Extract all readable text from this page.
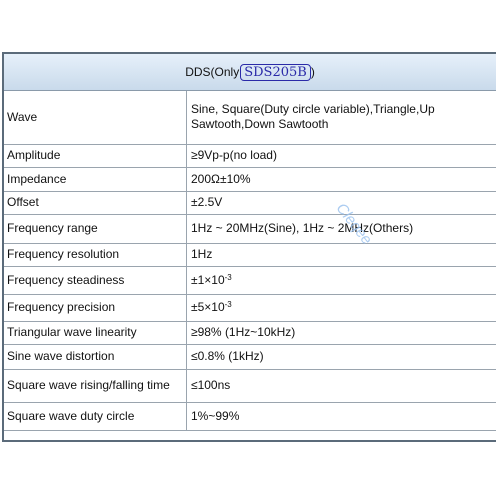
DDS(Only SDS205B )
Wave	Sine, Square(Duty circle variable),Triangle,Up Sawtooth,Down Sawtooth
Amplitude	≥9Vp-p(no load)
Impedance	200Ω±10%
Offset	±2.5V
Frequency range	1Hz ~ 20MHz(Sine), 1Hz ~ 2MHz(Others)
Frequency resolution	1Hz
Frequency steadiness	$\pm 1\times 10^{-3}$
Frequency precision	$\pm 5\times 10^{-3}$
Triangular wave linearity	≥98% (1Hz~10kHz)
Sine wave distortion	≤0.8% (1kHz)
Square wave rising/falling time	≤100ns
Square wave duty circle	1%~99%
Cleqee
